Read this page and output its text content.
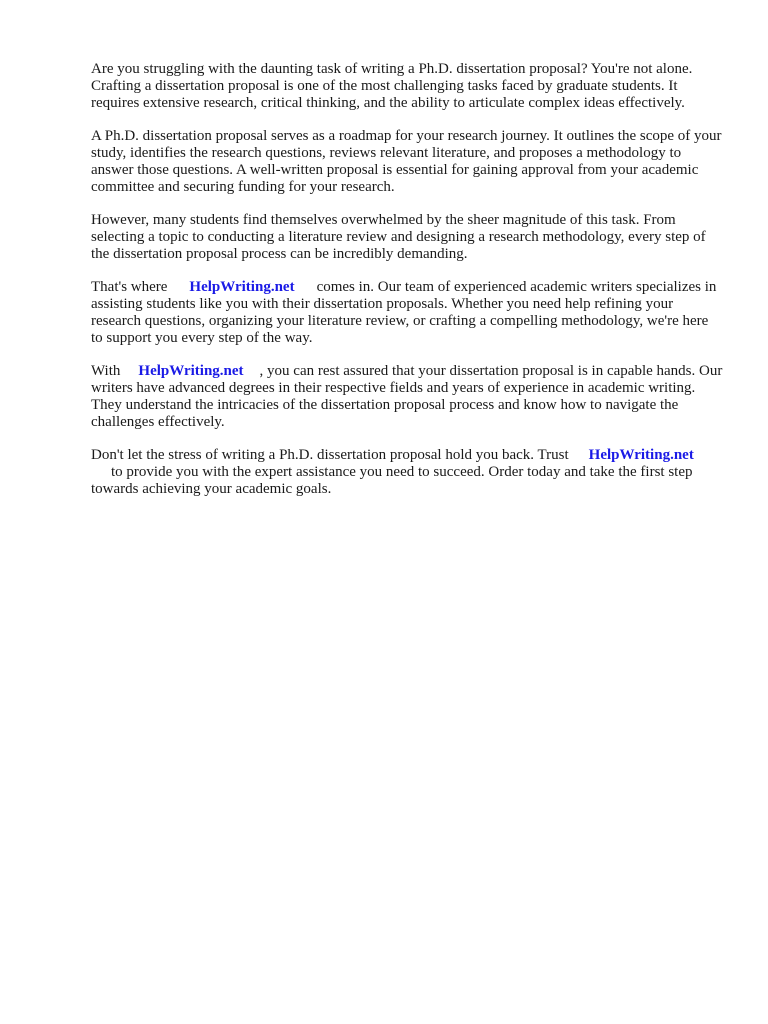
Are you struggling with the daunting task of writing a Ph.D. dissertation proposal? You're not alone. Crafting a dissertation proposal is one of the most challenging tasks faced by graduate students. It requires extensive research, critical thinking, and the ability to articulate complex ideas effectively.

A Ph.D. dissertation proposal serves as a roadmap for your research journey. It outlines the scope of your study, identifies the research questions, reviews relevant literature, and proposes a methodology to answer those questions. A well-written proposal is essential for gaining approval from your academic committee and securing funding for your research.

However, many students find themselves overwhelmed by the sheer magnitude of this task. From selecting a topic to conducting a literature review and designing a research methodology, every step of the dissertation proposal process can be incredibly demanding.

That's where HelpWriting.net comes in. Our team of experienced academic writers specializes in assisting students like you with their dissertation proposals. Whether you need help refining your research questions, organizing your literature review, or crafting a compelling methodology, we're here to support you every step of the way.

With HelpWriting.net , you can rest assured that your dissertation proposal is in capable hands. Our writers have advanced degrees in their respective fields and years of experience in academic writing. They understand the intricacies of the dissertation proposal process and know how to navigate the challenges effectively.

Don't let the stress of writing a Ph.D. dissertation proposal hold you back. Trust HelpWriting.net
to provide you with the expert assistance you need to succeed. Order today and take the first step towards achieving your academic goals.
